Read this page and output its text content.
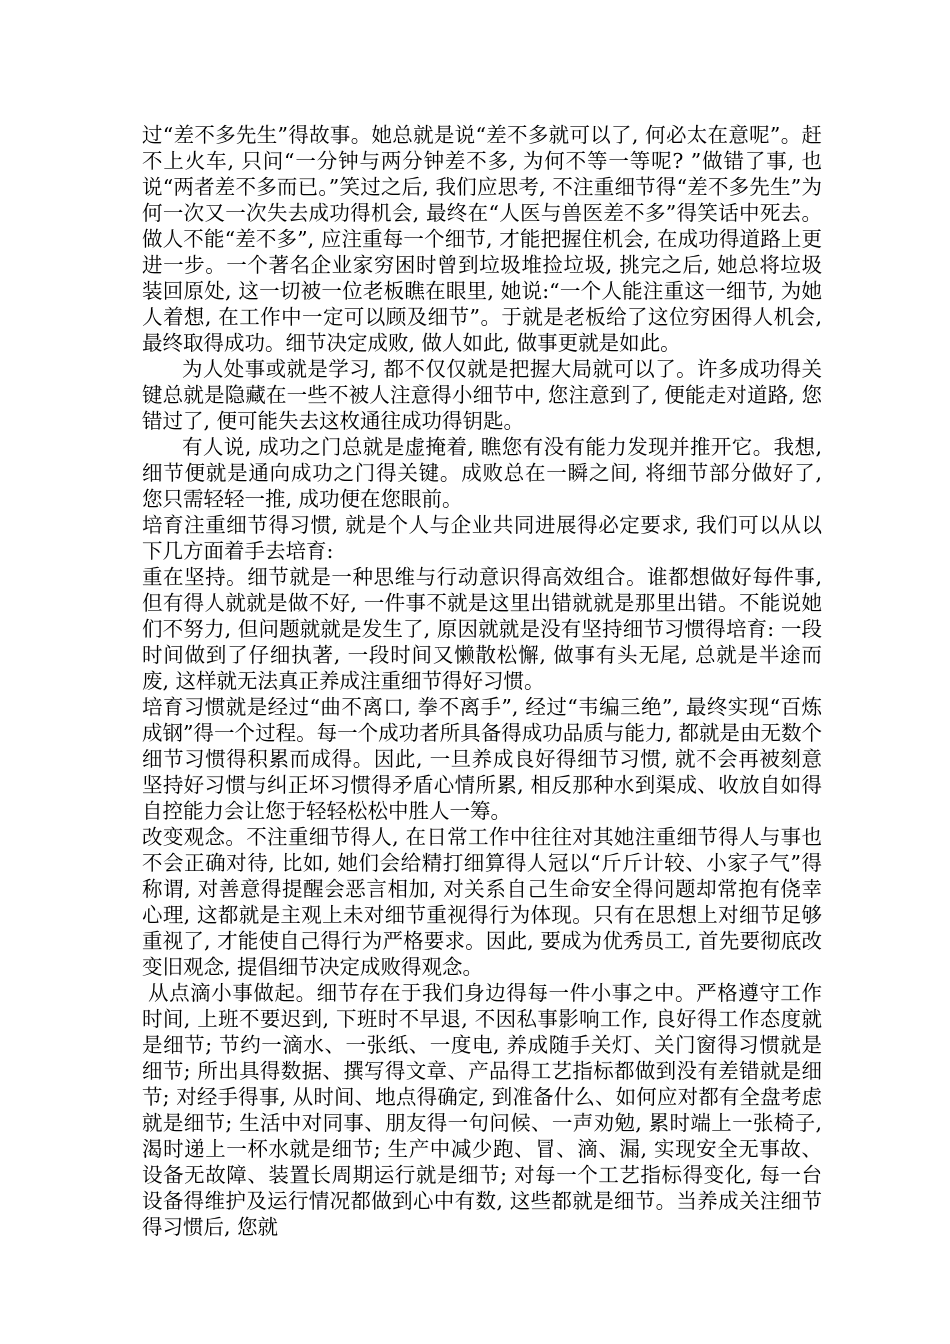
过“差不多先生”得故事。她总就是说“差不多就可以了, 何必太在意呢”。赶不上火车, 只问“一分钟与两分钟差不多, 为何不等一等呢? ”做错了事, 也说“两者差不多而已。”笑过之后, 我们应思考, 不注重细节得“差不多先生”为何一次又一次失去成功得机会, 最终在“人医与兽医差不多”得笑话中死去。做人不能“差不多”, 应注重每一个细节, 才能把握住机会, 在成功得道路上更进一步。一个著名企业家穷困时曾到垃圾堆捡垃圾, 挑完之后, 她总将垃圾装回原处, 这一切被一位老板瞧在眼里, 她说:“一个人能注重这一细节, 为她人着想, 在工作中一定可以顾及细节”。于就是老板给了这位穷困得人机会, 最终取得成功。细节决定成败, 做人如此, 做事更就是如此。

为人处事或就是学习, 都不仅仅就是把握大局就可以了。许多成功得关键总就是隐藏在一些不被人注意得小细节中, 您注意到了, 便能走对道路, 您错过了, 便可能失去这枚通往成功得钥匙。

有人说, 成功之门总就是虚掩着, 瞧您有没有能力发现并推开它。我想, 细节便就是通向成功之门得关键。成败总在一瞬之间, 将细节部分做好了, 您只需轻轻一推, 成功便在您眼前。

培育注重细节得习惯, 就是个人与企业共同进展得必定要求, 我们可以从以下几方面着手去培育:

重在坚持。细节就是一种思维与行动意识得高效组合。谁都想做好每件事, 但有得人就就是做不好, 一件事不就是这里出错就就是那里出错。不能说她们不努力, 但问题就就是发生了, 原因就就是没有坚持细节习惯得培育: 一段时间做到了仔细执著, 一段时间又懒散松懈, 做事有头无尾, 总就是半途而废, 这样就无法真正养成注重细节得好习惯。

培育习惯就是经过“曲不离口, 拳不离手”, 经过“韦编三绝”, 最终实现“百炼成钢”得一个过程。每一个成功者所具备得成功品质与能力, 都就是由无数个细节习惯得积累而成得。因此, 一旦养成良好得细节习惯, 就不会再被刻意坚持好习惯与纠正坏习惯得矛盾心情所累, 相反那种水到渠成、收放自如得自控能力会让您于轻轻松松中胜人一筹。

改变观念。不注重细节得人, 在日常工作中往往对其她注重细节得人与事也不会正确对待, 比如, 她们会给精打细算得人冠以“斤斤计较、小家子气”得称谓, 对善意得提醒会恶言相加, 对关系自己生命安全得问题却常抱有侥幸心理, 这都就是主观上未对细节重视得行为体现。只有在思想上对细节足够重视了, 才能使自己得行为严格要求。因此, 要成为优秀员工, 首先要彻底改变旧观念, 提倡细节决定成败得观念。

从点滴小事做起。细节存在于我们身边得每一件小事之中。严格遵守工作时间, 上班不要迟到, 下班时不早退, 不因私事影响工作, 良好得工作态度就是细节; 节约一滴水、一张纸、一度电, 养成随手关灯、关门窗得习惯就是细节; 所出具得数据、撰写得文章、产品得工艺指标都做到没有差错就是细节; 对经手得事, 从时间、地点得确定, 到准备什么、如何应对都有全盘考虑就是细节; 生活中对同事、朋友得一句问候、一声劝勉, 累时端上一张椅子, 渴时递上一杯水就是细节; 生产中减少跑、冒、滴、漏, 实现安全无事故、设备无故障、装置长周期运行就是细节; 对每一个工艺指标得变化, 每一台设备得维护及运行情况都做到心中有数, 这些都就是细节。当养成关注细节得习惯后, 您就
